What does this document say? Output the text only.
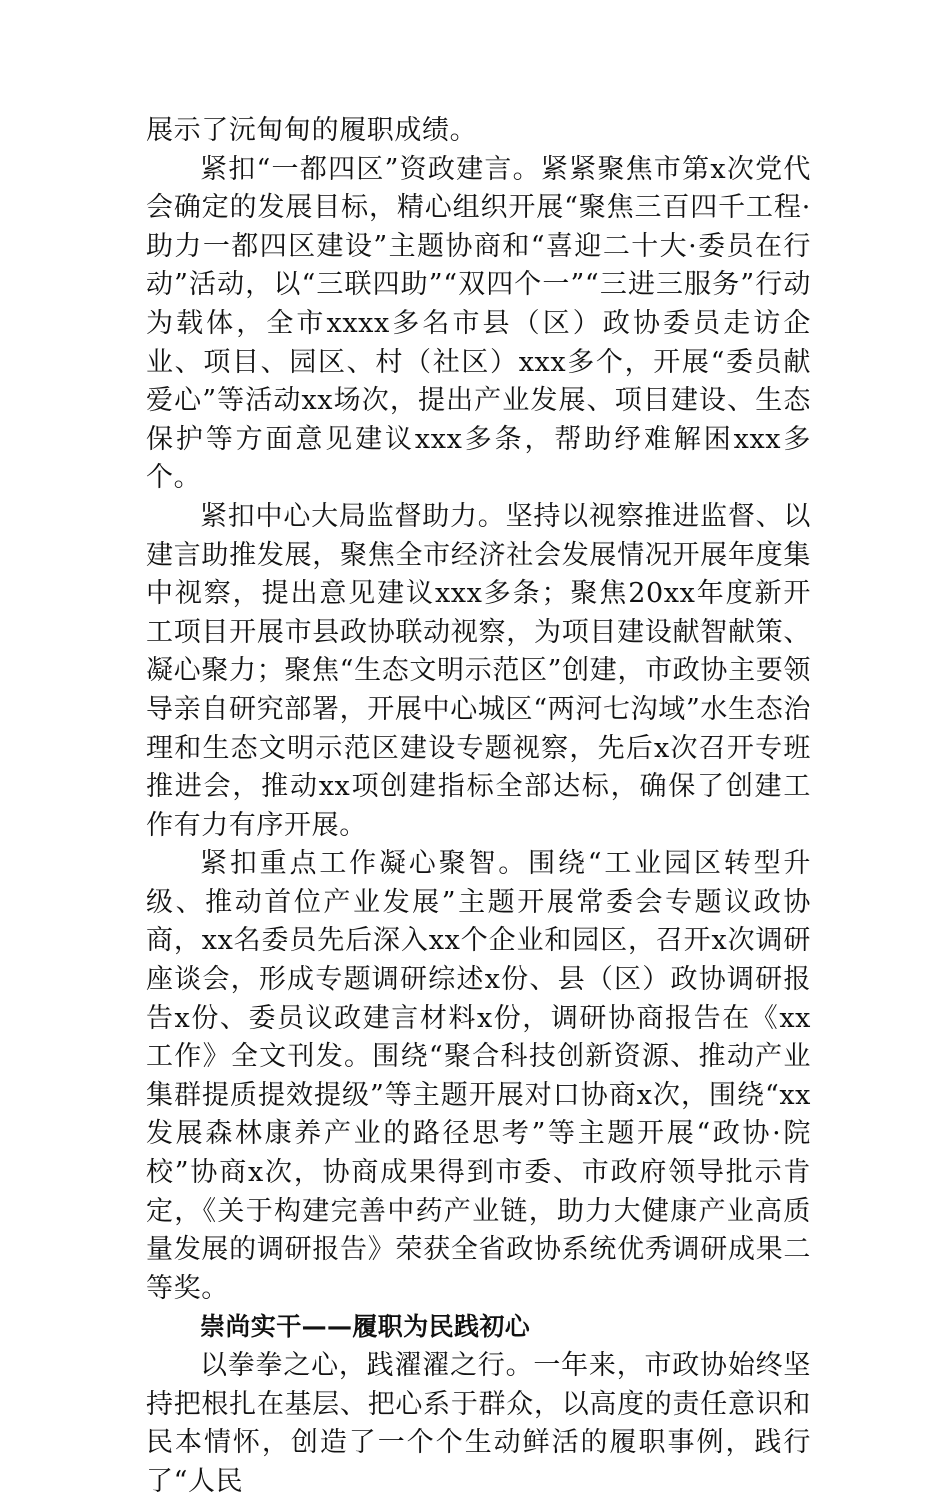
展示了沅甸甸的履职成绩。

紧扣“一都四区”资政建言。紧紧聚焦市第x次党代会确定的发展目标，精心组织开展“聚焦三百四千工程·助力一都四区建设”主题协商和“喜迎二十大·委员在行动”活动，以“三联四助”“双四个一”“三进三服务”行动为载体，全市xxxx多名市县（区）政协委员走访企业、项目、园区、村（社区）xxx多个，开展“委员献爱心”等活动xx场次，提出产业发展、项目建设、生态保护等方面意见建议xxx多条，帮助纾难解困xxx多个。

紧扣中心大局监督助力。坚持以视察推进监督、以建言助推发展，聚焦全市经济社会发展情况开展年度集中视察，提出意见建议xxx多条；聚焦20xx年度新开工项目开展市县政协联动视察，为项目建设献智献策、凝心聚力；聚焦“生态文明示范区”创建，市政协主要领导亲自研究部署，开展中心城区“两河七沟域”水生态治理和生态文明示范区建设专题视察，先后x次召开专班推进会，推动xx项创建指标全部达标，确保了创建工作有力有序开展。

紧扣重点工作凝心聚智。围绕“工业园区转型升级、推动首位产业发展”主题开展常委会专题议政协商，xx名委员先后深入xx个企业和园区，召开x次调研座谈会，形成专题调研综述x份、县（区）政协调研报告x份、委员议政建言材料x份，调研协商报告在《xx工作》全文刊发。围绕“聚合科技创新资源、推动产业集群提质提效提级”等主题开展对口协商x次，围绕“xx发展森林康养产业的路径思考”等主题开展“政协·院校”协商x次，协商成果得到市委、市政府领导批示肯定，《关于构建完善中药产业链，助力大健康产业高质量发展的调研报告》荣获全省政协系统优秀调研成果二等奖。

崇尚实干——履职为民践初心

以拳拳之心，践濯濯之行。一年来，市政协始终坚持把根扎在基层、把心系于群众，以高度的责任意识和民本情怀，创造了一个个生动鲜活的履职事例，践行了“人民
